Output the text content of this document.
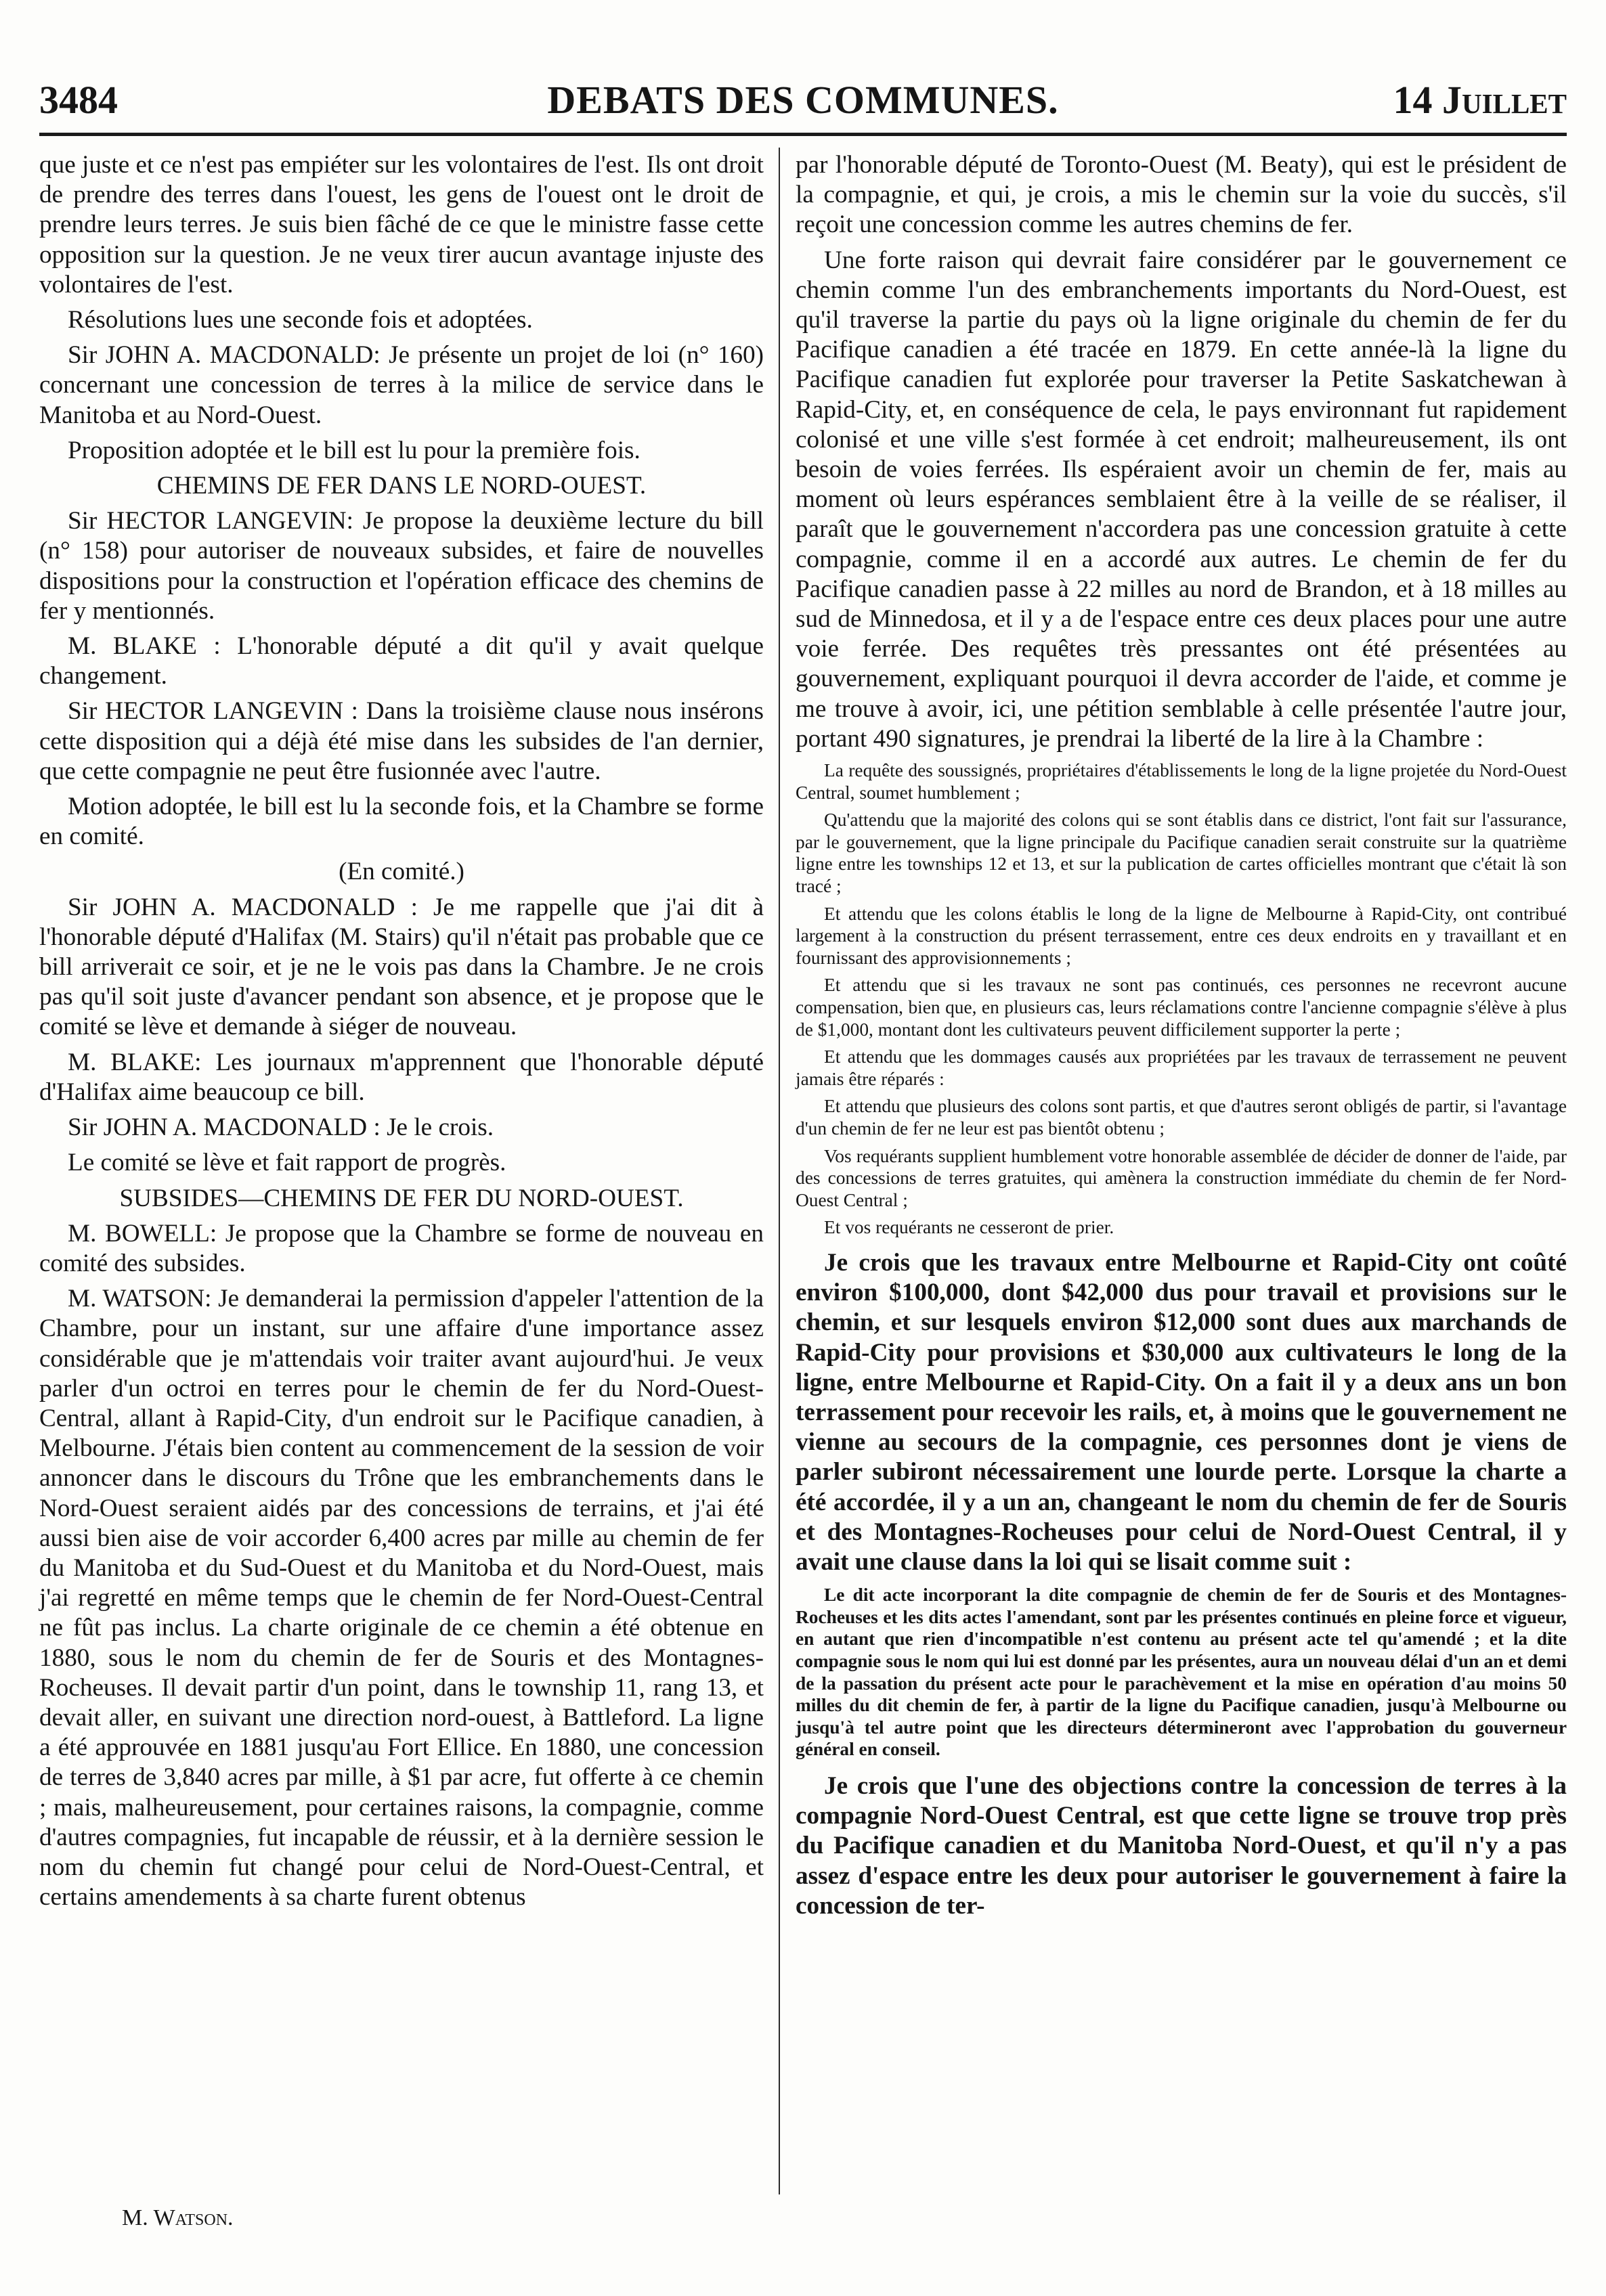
3484	DEBATS DES COMMUNES.	14 Juillet

que juste et ce n'est pas empiéter sur les volontaires de l'est. Ils ont droit de prendre des terres dans l'ouest, les gens de l'ouest ont le droit de prendre leurs terres. Je suis bien fâché de ce que le ministre fasse cette opposition sur la question. Je ne veux tirer aucun avantage injuste des volontaires de l'est.

Résolutions lues une seconde fois et adoptées.

Sir JOHN A. MACDONALD: Je présente un projet de loi (n° 160) concernant une concession de terres à la milice de service dans le Manitoba et au Nord-Ouest.

Proposition adoptée et le bill est lu pour la première fois.

CHEMINS DE FER DANS LE NORD-OUEST.

Sir HECTOR LANGEVIN: Je propose la deuxième lecture du bill (n° 158) pour autoriser de nouveaux subsides, et faire de nouvelles dispositions pour la construction et l'opération efficace des chemins de fer y mentionnés.

M. BLAKE : L'honorable député a dit qu'il y avait quelque changement.

Sir HECTOR LANGEVIN : Dans la troisième clause nous insérons cette disposition qui a déjà été mise dans les subsides de l'an dernier, que cette compagnie ne peut être fusionnée avec l'autre.

Motion adoptée, le bill est lu la seconde fois, et la Chambre se forme en comité.

(En comité.)

Sir JOHN A. MACDONALD : Je me rappelle que j'ai dit à l'honorable député d'Halifax (M. Stairs) qu'il n'était pas probable que ce bill arriverait ce soir, et je ne le vois pas dans la Chambre. Je ne crois pas qu'il soit juste d'avancer pendant son absence, et je propose que le comité se lève et demande à siéger de nouveau.

M. BLAKE: Les journaux m'apprennent que l'honorable député d'Halifax aime beaucoup ce bill.

Sir JOHN A. MACDONALD : Je le crois.

Le comité se lève et fait rapport de progrès.

SUBSIDES—CHEMINS DE FER DU NORD-OUEST.

M. BOWELL: Je propose que la Chambre se forme de nouveau en comité des subsides.

M. WATSON: Je demanderai la permission d'appeler l'attention de la Chambre, pour un instant, sur une affaire d'une importance assez considérable que je m'attendais voir traiter avant aujourd'hui. Je veux parler d'un octroi en terres pour le chemin de fer du Nord-Ouest-Central, allant à Rapid-City, d'un endroit sur le Pacifique canadien, à Melbourne. J'étais bien content au commencement de la session de voir annoncer dans le discours du Trône que les embranchements dans le Nord-Ouest seraient aidés par des concessions de terrains, et j'ai été aussi bien aise de voir accorder 6,400 acres par mille au chemin de fer du Manitoba et du Sud-Ouest et du Manitoba et du Nord-Ouest, mais j'ai regretté en même temps que le chemin de fer Nord-Ouest-Central ne fût pas inclus. La charte originale de ce chemin a été obtenue en 1880, sous le nom du chemin de fer de Souris et des Montagnes-Rocheuses. Il devait partir d'un point, dans le township 11, rang 13, et devait aller, en suivant une direction nord-ouest, à Battleford. La ligne a été approuvée en 1881 jusqu'au Fort Ellice. En 1880, une concession de terres de 3,840 acres par mille, à $1 par acre, fut offerte à ce chemin ; mais, malheureusement, pour certaines raisons, la compagnie, comme d'autres compagnies, fut incapable de réussir, et à la dernière session le nom du chemin fut changé pour celui de Nord-Ouest-Central, et certains amendements à sa charte furent obtenus

par l'honorable député de Toronto-Ouest (M. Beaty), qui est le président de la compagnie, et qui, je crois, a mis le chemin sur la voie du succès, s'il reçoit une concession comme les autres chemins de fer.

Une forte raison qui devrait faire considérer par le gouvernement ce chemin comme l'un des embranchements importants du Nord-Ouest, est qu'il traverse la partie du pays où la ligne originale du chemin de fer du Pacifique canadien a été tracée en 1879. En cette année-là la ligne du Pacifique canadien fut explorée pour traverser la Petite Saskatchewan à Rapid-City, et, en conséquence de cela, le pays environnant fut rapidement colonisé et une ville s'est formée à cet endroit; malheureusement, ils ont besoin de voies ferrées. Ils espéraient avoir un chemin de fer, mais au moment où leurs espérances semblaient être à la veille de se réaliser, il paraît que le gouvernement n'accordera pas une concession gratuite à cette compagnie, comme il en a accordé aux autres. Le chemin de fer du Pacifique canadien passe à 22 milles au nord de Brandon, et à 18 milles au sud de Minnedosa, et il y a de l'espace entre ces deux places pour une autre voie ferrée. Des requêtes très pressantes ont été présentées au gouvernement, expliquant pourquoi il devra accorder de l'aide, et comme je me trouve à avoir, ici, une pétition semblable à celle présentée l'autre jour, portant 490 signatures, je prendrai la liberté de la lire à la Chambre :

La requête des soussignés, propriétaires d'établissements le long de la ligne projetée du Nord-Ouest Central, soumet humblement ;

Qu'attendu que la majorité des colons qui se sont établis dans ce district, l'ont fait sur l'assurance, par le gouvernement, que la ligne principale du Pacifique canadien serait construite sur la quatrième ligne entre les townships 12 et 13, et sur la publication de cartes officielles montrant que c'était là son tracé ;

Et attendu que les colons établis le long de la ligne de Melbourne à Rapid-City, ont contribué largement à la construction du présent terrassement, entre ces deux endroits en y travaillant et en fournissant des approvisionnements ;

Et attendu que si les travaux ne sont pas continués, ces personnes ne recevront aucune compensation, bien que, en plusieurs cas, leurs réclamations contre l'ancienne compagnie s'élève à plus de $1,000, montant dont les cultivateurs peuvent difficilement supporter la perte ;

Et attendu que les dommages causés aux propriétées par les travaux de terrassement ne peuvent jamais être réparés :

Et attendu que plusieurs des colons sont partis, et que d'autres seront obligés de partir, si l'avantage d'un chemin de fer ne leur est pas bientôt obtenu ;

Vos requérants supplient humblement votre honorable assemblée de décider de donner de l'aide, par des concessions de terres gratuites, qui amènera la construction immédiate du chemin de fer Nord-Ouest Central ;

Et vos requérants ne cesseront de prier.

Je crois que les travaux entre Melbourne et Rapid-City ont coûté environ $100,000, dont $42,000 dus pour travail et provisions sur le chemin, et sur lesquels environ $12,000 sont dues aux marchands de Rapid-City pour provisions et $30,000 aux cultivateurs le long de la ligne, entre Melbourne et Rapid-City. On a fait il y a deux ans un bon terrassement pour recevoir les rails, et, à moins que le gouvernement ne vienne au secours de la compagnie, ces personnes dont je viens de parler subiront nécessairement une lourde perte. Lorsque la charte a été accordée, il y a un an, changeant le nom du chemin de fer de Souris et des Montagnes-Rocheuses pour celui de Nord-Ouest Central, il y avait une clause dans la loi qui se lisait comme suit :

Le dit acte incorporant la dite compagnie de chemin de fer de Souris et des Montagnes-Rocheuses et les dits actes l'amendant, sont par les présentes continués en pleine force et vigueur, en autant que rien d'incompatible n'est contenu au présent acte tel qu'amendé ; et la dite compagnie sous le nom qui lui est donné par les présentes, aura un nouveau délai d'un an et demi de la passation du présent acte pour le parachèvement et la mise en opération d'au moins 50 milles du dit chemin de fer, à partir de la ligne du Pacifique canadien, jusqu'à Melbourne ou jusqu'à tel autre point que les directeurs détermineront avec l'approbation du gouverneur général en conseil.

Je crois que l'une des objections contre la concession de terres à la compagnie Nord-Ouest Central, est que cette ligne se trouve trop près du Pacifique canadien et du Manitoba Nord-Ouest, et qu'il n'y a pas assez d'espace entre les deux pour autoriser le gouvernement à faire la concession de ter-

M. Watson.
